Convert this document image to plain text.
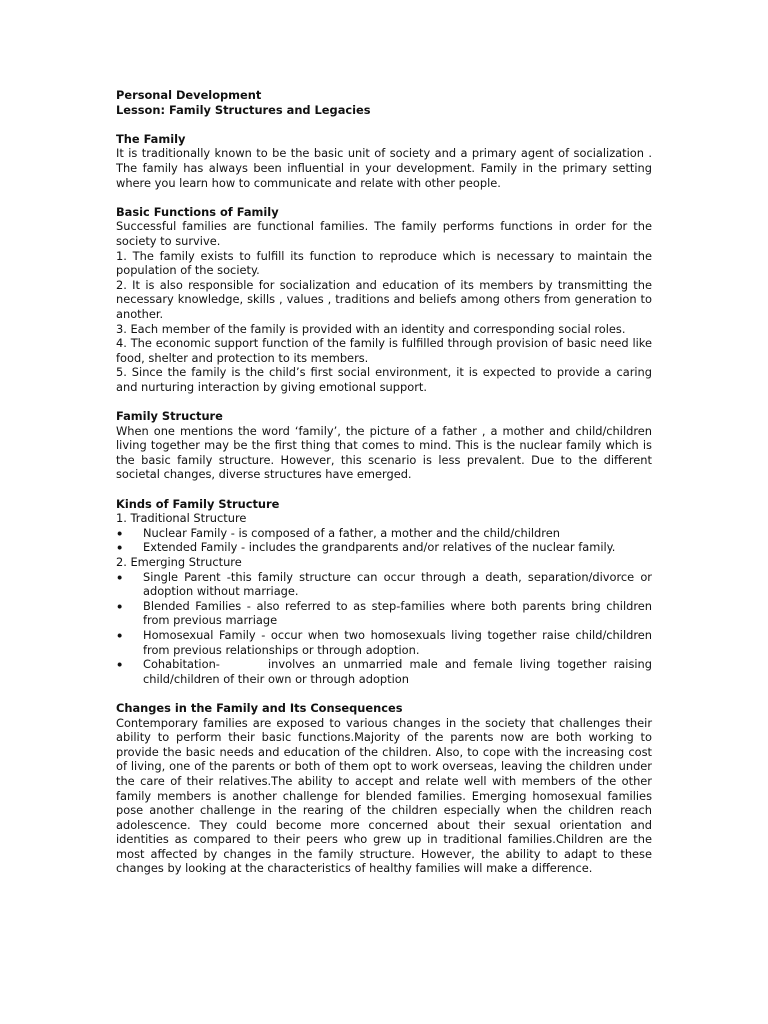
Personal Development

Lesson: Family Structures and Legacies

The Family

It is traditionally known to be the basic unit of society and a primary agent of socialization . The family has always been influential in your development. Family in the primary setting where you learn how to communicate and relate with other people.

Basic Functions of Family

Successful families are functional families. The family performs functions in order for the society to survive.

1. The family exists to fulfill its function to reproduce which is necessary to maintain the population of the society.

2. It is also responsible for socialization and education of its members by transmitting the necessary knowledge, skills , values , traditions and beliefs among others from generation to another.

3. Each member of the family is provided with an identity and corresponding social roles.

4. The economic support function of the family is fulfilled through provision of basic need like food, shelter and protection to its members.

5. Since the family is the child’s first social environment, it is expected to provide a caring and nurturing interaction by giving emotional support.

Family Structure

When one mentions the word ‘family’, the picture of a father , a mother and child/children living together may be the first thing that comes to mind. This is the nuclear family which is the basic family structure. However, this scenario is less prevalent. Due to the different societal changes, diverse structures have emerged.

Kinds of Family Structure

1. Traditional Structure

• Nuclear Family - is composed of a father, a mother and the child/children
• Extended Family - includes the grandparents and/or relatives of the nuclear family.

2. Emerging Structure

• Single Parent -this family structure can occur through a death, separation/divorce or adoption without marriage.
• Blended Families - also referred to as step-families where both parents bring children from previous marriage
• Homosexual Family - occur when two homosexuals living together raise child/children from previous relationships or through adoption.
• Cohabitation-	involves an unmarried male and female living together raising
child/children of their own or through adoption

Changes in the Family and Its Consequences

Contemporary families are exposed to various changes in the society that challenges their ability to perform their basic functions.Majority of the parents now are both working to provide the basic needs and education of the children. Also, to cope with the increasing cost of living, one of the parents or both of them opt to work overseas, leaving the children under the care of their relatives.The ability to accept and relate well with members of the other family members is another challenge for blended families. Emerging homosexual families pose another challenge in the rearing of the children especially when the children reach adolescence. They could become more concerned about their sexual orientation and identities as compared to their peers who grew up in traditional families.Children are the most affected by changes in the family structure. However, the ability to adapt to these changes by looking at the characteristics of healthy families will make a difference.
